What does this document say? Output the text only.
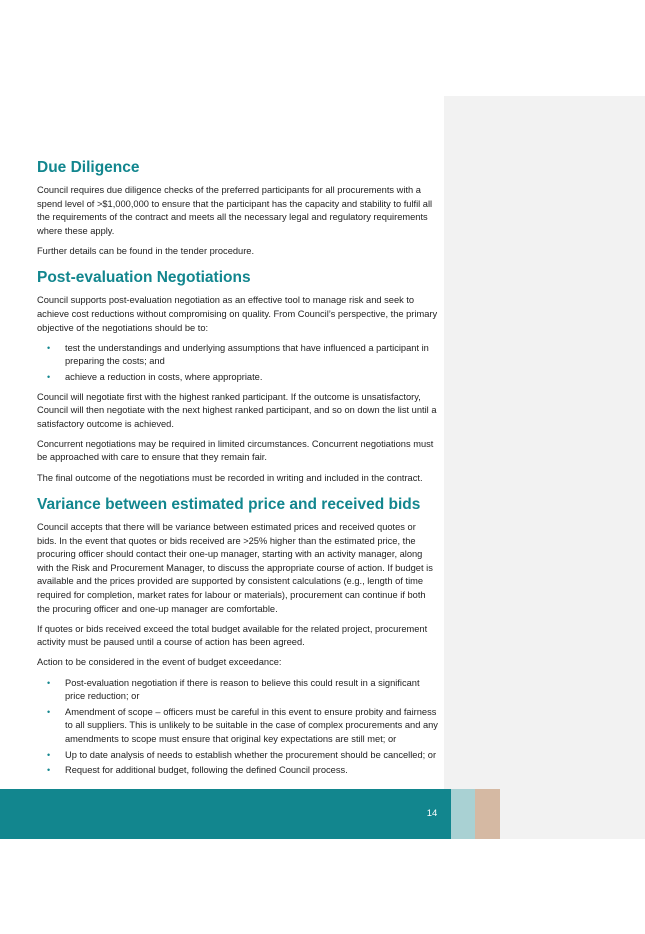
Due Diligence

Council requires due diligence checks of the preferred participants for all procurements with a spend level of >$1,000,000 to ensure that the participant has the capacity and stability to fulfil all the requirements of the contract and meets all the necessary legal and regulatory requirements where these apply.

Further details can be found in the tender procedure.

Post-evaluation Negotiations

Council supports post-evaluation negotiation as an effective tool to manage risk and seek to achieve cost reductions without compromising on quality. From Council’s perspective, the primary objective of the negotiations should be to:

• test the understandings and underlying assumptions that have influenced a participant in preparing the costs; and
• achieve a reduction in costs, where appropriate.

Council will negotiate first with the highest ranked participant. If the outcome is unsatisfactory, Council will then negotiate with the next highest ranked participant, and so on down the list until a satisfactory outcome is achieved.

Concurrent negotiations may be required in limited circumstances. Concurrent negotiations must be approached with care to ensure that they remain fair.

The final outcome of the negotiations must be recorded in writing and included in the contract.

Variance between estimated price and received bids

Council accepts that there will be variance between estimated prices and received quotes or bids. In the event that quotes or bids received are >25% higher than the estimated price, the procuring officer should contact their one-up manager, starting with an activity manager, along with the Risk and Procurement Manager, to discuss the appropriate course of action. If budget is available and the prices provided are supported by consistent calculations (e.g., length of time required for completion, market rates for labour or materials), procurement can continue if both the procuring officer and one-up manager are comfortable.

If quotes or bids received exceed the total budget available for the related project, procurement activity must be paused until a course of action has been agreed.

Action to be considered in the event of budget exceedance:

• Post-evaluation negotiation if there is reason to believe this could result in a significant price reduction; or
• Amendment of scope – officers must be careful in this event to ensure probity and fairness to all suppliers. This is unlikely to be suitable in the case of complex procurements and any amendments to scope must ensure that original key expectations are still met; or
• Up to date analysis of needs to establish whether the procurement should be cancelled; or
• Request for additional budget, following the defined Council process.
14
